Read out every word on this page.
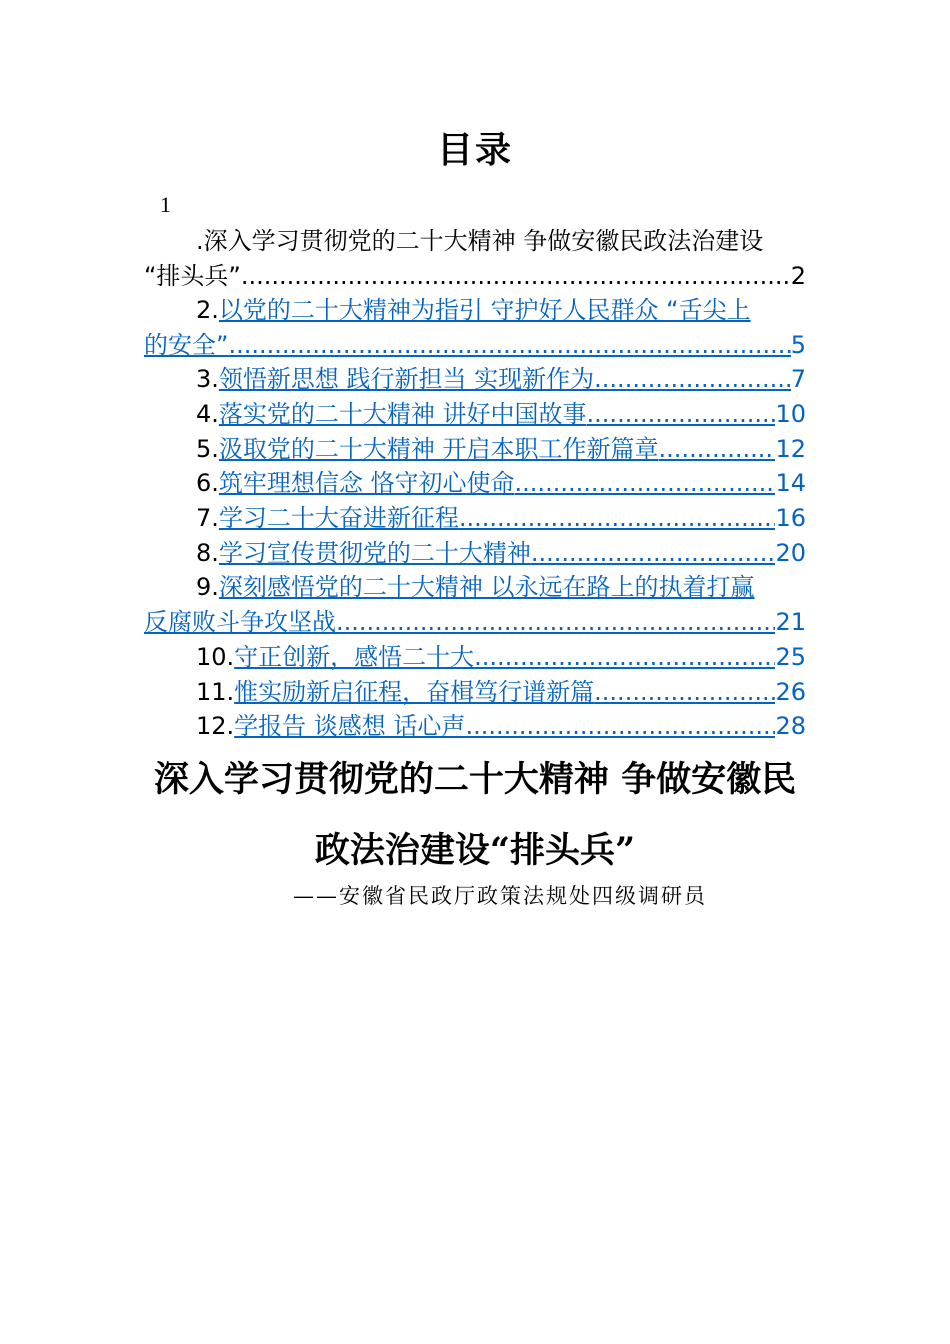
目录
1
. 深入学习贯彻党的二十大精神 争做安徽民政法治建设
“排头兵” .....	2
2. 以党的二十大精神为指引 守护好人民群众 “舌尖上
的安全” .....	5
3. 领悟新思想 践行新担当 实现新作为 .....	7
4. 落实党的二十大精神 讲好中国故事 .....	10
5. 汲取党的二十大精神 开启本职工作新篇章 .....	12
6. 筑牢理想信念 恪守初心使命 .....	14
7. 学习二十大奋进新征程 .....	16
8. 学习宣传贯彻党的二十大精神 .....	20
9. 深刻感悟党的二十大精神 以永远在路上的执着打赢
反腐败斗争攻坚战 .....	21
10. 守正创新，感悟二十大 .....	25
11. 惟实励新启征程，奋楫笃行谱新篇 .....	26
12. 学报告 谈感想 话心声 .....	28
深入学习贯彻党的二十大精神 争做安徽民
政法治建设“排头兵”
——安徽省民政厅政策法规处四级调研员
